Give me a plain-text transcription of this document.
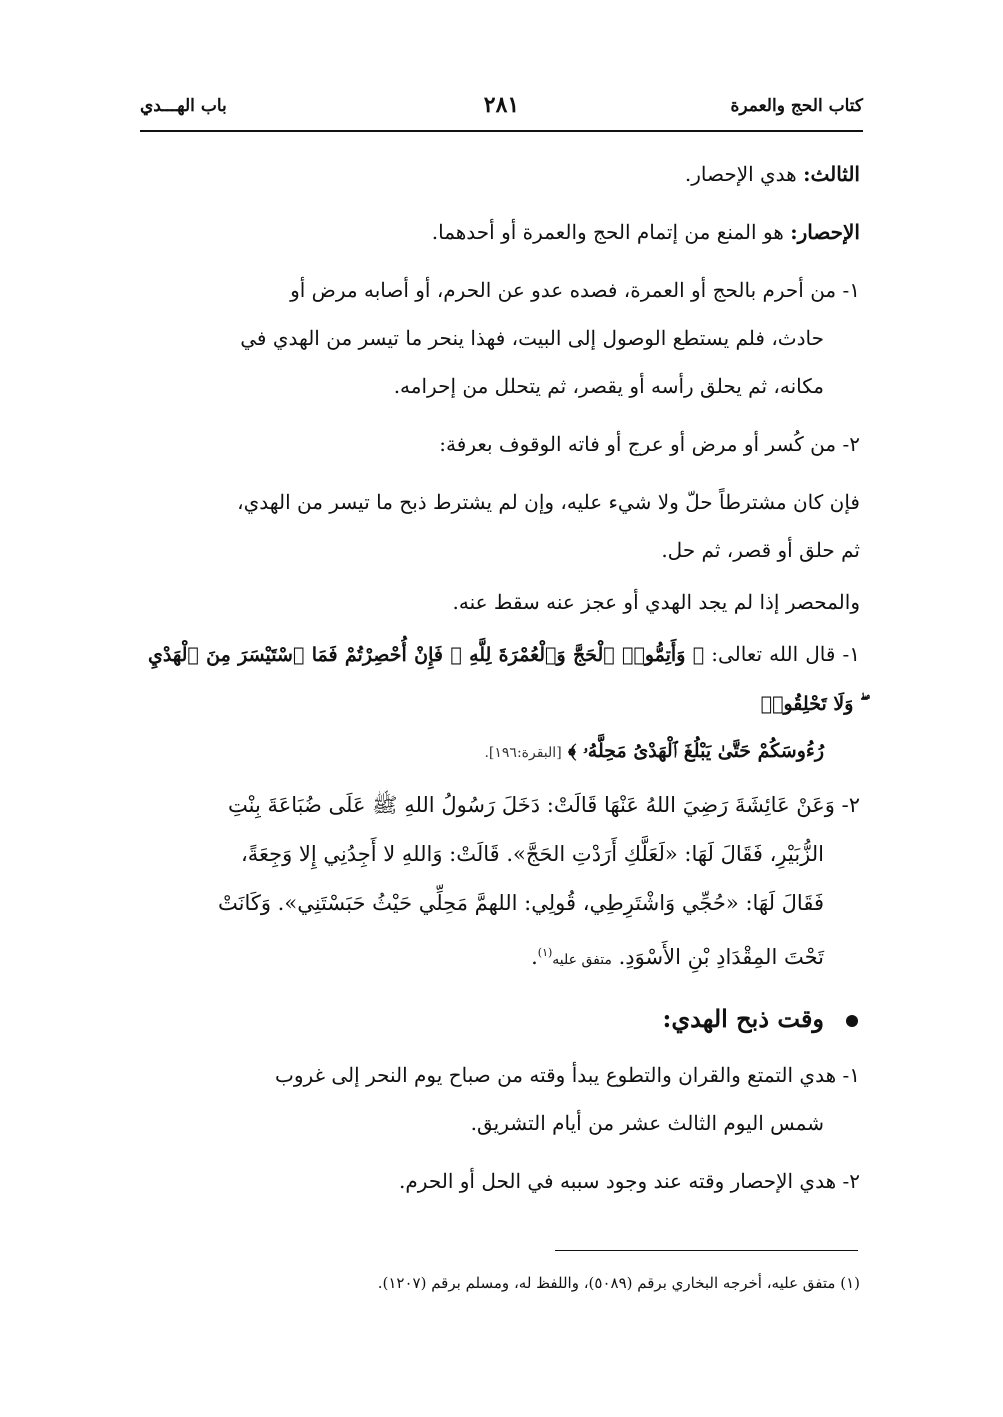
كتاب الحج والعمرة
٢٨١
باب الهـــدي

الثالث: هدي الإحصار.

الإحصار: هو المنع من إتمام الحج والعمرة أو أحدهما.

١- من أحرم بالحج أو العمرة، فصده عدو عن الحرم، أو أصابه مرض أو

حادث، فلم يستطع الوصول إلى البيت، فهذا ينحر ما تيسر من الهدي في

مكانه، ثم يحلق رأسه أو يقصر، ثم يتحلل من إحرامه.

٢- من كُسر أو مرض أو عرج أو فاته الوقوف بعرفة:

فإن كان مشترطاً حلّ ولا شيء عليه، وإن لم يشترط ذبح ما تيسر من الهدي،

ثم حلق أو قصر، ثم حل.

والمحصر إذا لم يجد الهدي أو عجز عنه سقط عنه.

١- قال الله تعالى: ﴿ وَأَتِمُّوا۟ ٱلْحَجَّ وَٱلْعُمْرَةَ لِلَّهِ ۚ فَإِنْ أُحْصِرْتُمْ فَمَا ٱسْتَيْسَرَ مِنَ ٱلْهَدْيِ ۖ وَلَا تَحْلِقُوا۟

رُءُوسَكُمْ حَتَّىٰ يَبْلُغَ ٱلْهَدْىُ مَحِلَّهُۥ ﴾ [البقرة:١٩٦].

٢- وَعَنْ عَائِشَةَ رَضِيَ اللهُ عَنْهَا قَالَتْ: دَخَلَ رَسُولُ اللهِ ﷺ عَلَى ضُبَاعَةَ بِنْتِ

الزُّبَيْرِ، فَقَالَ لَهَا: «لَعَلَّكِ أَرَدْتِ الحَجَّ». قَالَتْ: وَاللهِ لا أَجِدُنِي إِلا وَجِعَةً،

فَقَالَ لَهَا: «حُجِّي وَاشْتَرِطِي، قُولِي: اللهمَّ مَحِلِّي حَيْثُ حَبَسْتَنِي». وَكَانَتْ

تَحْتَ المِقْدَادِ بْنِ الأَسْوَدِ. متفق عليه$^{(١)}$.

وقت ذبح الهدي:

١- هدي التمتع والقران والتطوع يبدأ وقته من صباح يوم النحر إلى غروب

شمس اليوم الثالث عشر من أيام التشريق.

٢- هدي الإحصار وقته عند وجود سببه في الحل أو الحرم.

(١) متفق عليه، أخرجه البخاري برقم (٥٠٨٩)، واللفظ له، ومسلم برقم (١٢٠٧).
